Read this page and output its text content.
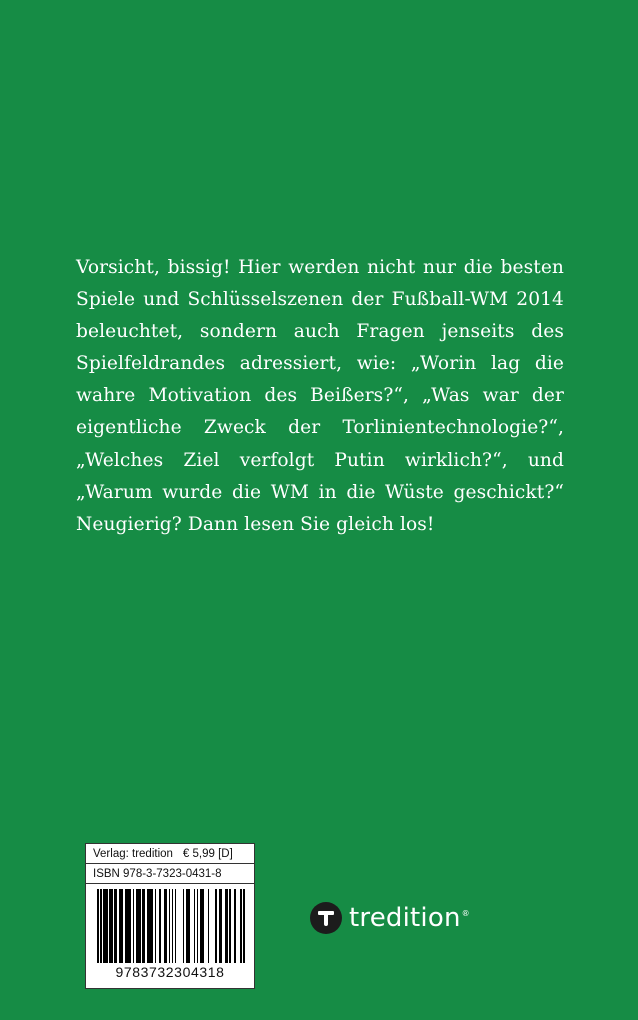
Vorsicht, bissig! Hier werden nicht nur die besten Spiele und Schlüsselszenen der Fußball-WM 2014 beleuchtet, sondern auch Fragen jenseits des Spielfeldrandes adressiert, wie: „Worin lag die wahre Motivation des Beißers?“, „Was war der eigentliche Zweck der Torlinientechnologie?“, „Welches Ziel verfolgt Putin wirklich?“, und „Warum wurde die WM in die Wüste geschickt?“ Neugierig? Dann lesen Sie gleich los!

Verlag: tredition € 5,99 [D]
ISBN 978-3-7323-0431-8
9783732304318
tredition®
